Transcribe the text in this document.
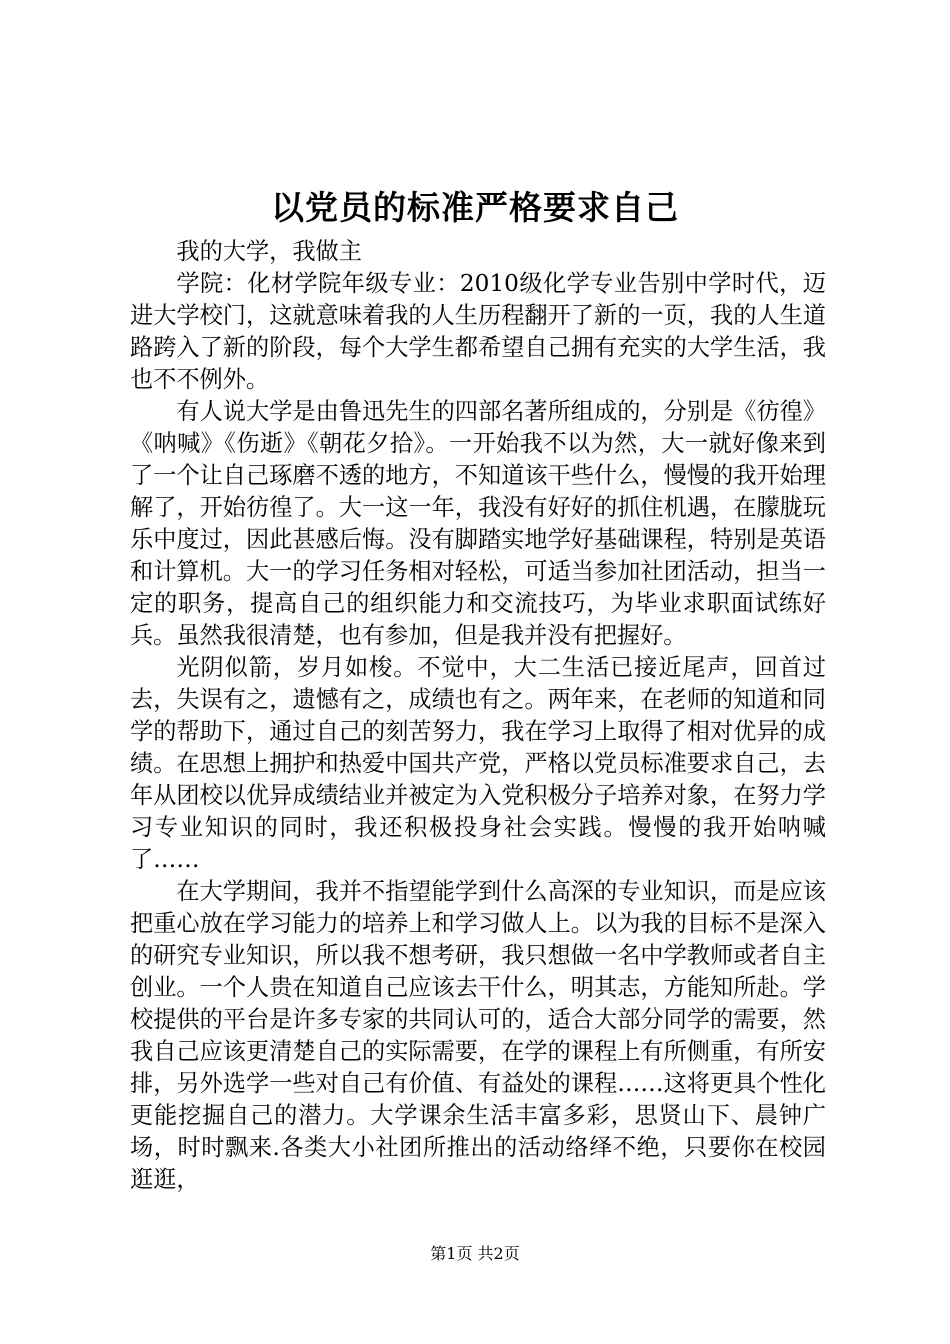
以党员的标准严格要求自己

我的大学，我做主

学院：化材学院年级专业：2010级化学专业告别中学时代，迈进大学校门，这就意味着我的人生历程翻开了新的一页，我的人生道路跨入了新的阶段，每个大学生都希望自己拥有充实的大学生活，我也不不例外。

有人说大学是由鲁迅先生的四部名著所组成的，分别是《彷徨》《呐喊》《伤逝》《朝花夕拾》。一开始我不以为然，大一就好像来到了一个让自己琢磨不透的地方，不知道该干些什么，慢慢的我开始理解了，开始彷徨了。大一这一年，我没有好好的抓住机遇，在朦胧玩乐中度过，因此甚感后悔。没有脚踏实地学好基础课程，特别是英语和计算机。大一的学习任务相对轻松，可适当参加社团活动，担当一定的职务，提高自己的组织能力和交流技巧，为毕业求职面试练好兵。虽然我很清楚，也有参加，但是我并没有把握好。

光阴似箭，岁月如梭。不觉中，大二生活已接近尾声，回首过去，失误有之，遗憾有之，成绩也有之。两年来，在老师的知道和同学的帮助下，通过自己的刻苦努力，我在学习上取得了相对优异的成绩。在思想上拥护和热爱中国共产党，严格以党员标准要求自己，去年从团校以优异成绩结业并被定为入党积极分子培养对象，在努力学习专业知识的同时，我还积极投身社会实践。慢慢的我开始呐喊了……

在大学期间，我并不指望能学到什么高深的专业知识，而是应该把重心放在学习能力的培养上和学习做人上。以为我的目标不是深入的研究专业知识，所以我不想考研，我只想做一名中学教师或者自主创业。一个人贵在知道自己应该去干什么，明其志，方能知所赴。学校提供的平台是许多专家的共同认可的，适合大部分同学的需要，然我自己应该更清楚自己的实际需要，在学的课程上有所侧重，有所安排，另外选学一些对自己有价值、有益处的课程……这将更具个性化更能挖掘自己的潜力。大学课余生活丰富多彩，思贤山下、晨钟广场，时时飘来.各类大小社团所推出的活动络绎不绝，只要你在校园逛逛，

第1页 共2页
